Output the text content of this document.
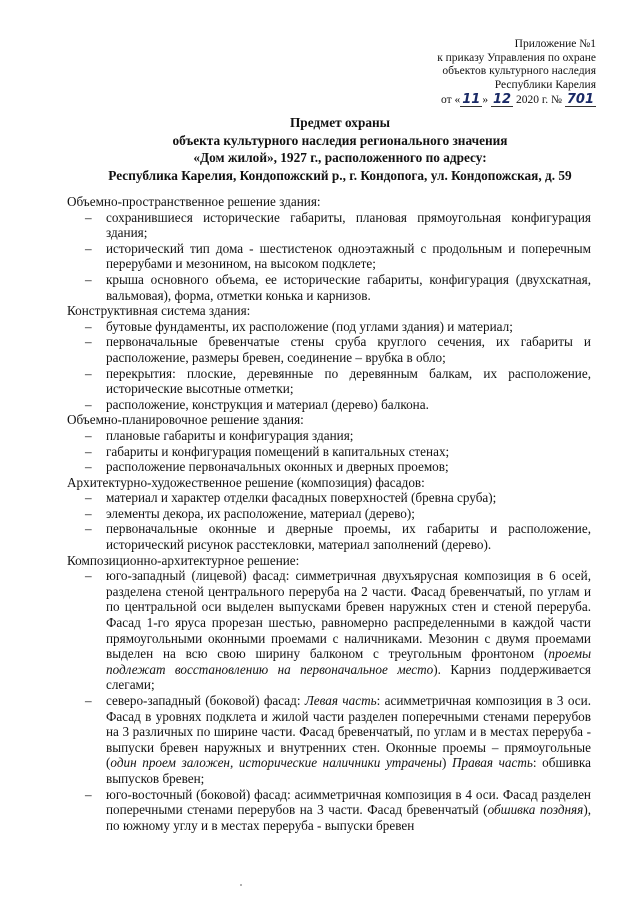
Приложение №1
к приказу Управления по охране
объектов культурного наследия
Республики Карелия
от « 11 » 12 2020 г. № 701
Предмет охраны
объекта культурного наследия регионального значения
«Дом жилой», 1927 г., расположенного по адресу:
Республика Карелия, Кондопожский р., г. Кондопога, ул. Кондопожская, д. 59
Объемно-пространственное решение здания:
– сохранившиеся исторические габариты, плановая прямоугольная конфигурация здания;
– исторический тип дома - шестистенок одноэтажный с продольным и поперечным перерубами и мезонином, на высоком подклете;
– крыша основного объема, ее исторические габариты, конфигурация (двухскатная, вальмовая), форма, отметки конька и карнизов.
Конструктивная система здания:
– бутовые фундаменты, их расположение (под углами здания) и материал;
– первоначальные бревенчатые стены сруба круглого сечения, их габариты и расположение, размеры бревен, соединение – врубка в обло;
– перекрытия: плоские, деревянные по деревянным балкам, их расположение, исторические высотные отметки;
– расположение, конструкция и материал (дерево) балкона.
Объемно-планировочное решение здания:
– плановые габариты и конфигурация здания;
– габариты и конфигурация помещений в капитальных стенах;
– расположение первоначальных оконных и дверных проемов;
Архитектурно-художественное решение (композиция) фасадов:
– материал и характер отделки фасадных поверхностей (бревна сруба);
– элементы декора, их расположение, материал (дерево);
– первоначальные оконные и дверные проемы, их габариты и расположение, исторический рисунок расстекловки, материал заполнений (дерево).
Композиционно-архитектурное решение:
– юго-западный (лицевой) фасад: симметричная двухъярусная композиция в 6 осей, разделена стеной центрального переруба на 2 части. Фасад бревенчатый, по углам и по центральной оси выделен выпусками бревен наружных стен и стеной переруба. Фасад 1-го яруса прорезан шестью, равномерно распределенными в каждой части прямоугольными оконными проемами с наличниками. Мезонин с двумя проемами выделен на всю свою ширину балконом с треугольным фронтоном (проемы подлежат восстановлению на первоначальное место). Карниз поддерживается слегами;
– северо-западный (боковой) фасад: Левая часть: асимметричная композиция в 3 оси. Фасад в уровнях подклета и жилой части разделен поперечными стенами перерубов на 3 различных по ширине части. Фасад бревенчатый, по углам и в местах переруба - выпуски бревен наружных и внутренних стен. Оконные проемы – прямоугольные (один проем заложен, исторические наличники утрачены) Правая часть: обшивка выпусков бревен;
– юго-восточный (боковой) фасад: асимметричная композиция в 4 оси. Фасад разделен поперечными стенами перерубов на 3 части. Фасад бревенчатый (обшивка поздняя), по южному углу и в местах переруба - выпуски бревен
